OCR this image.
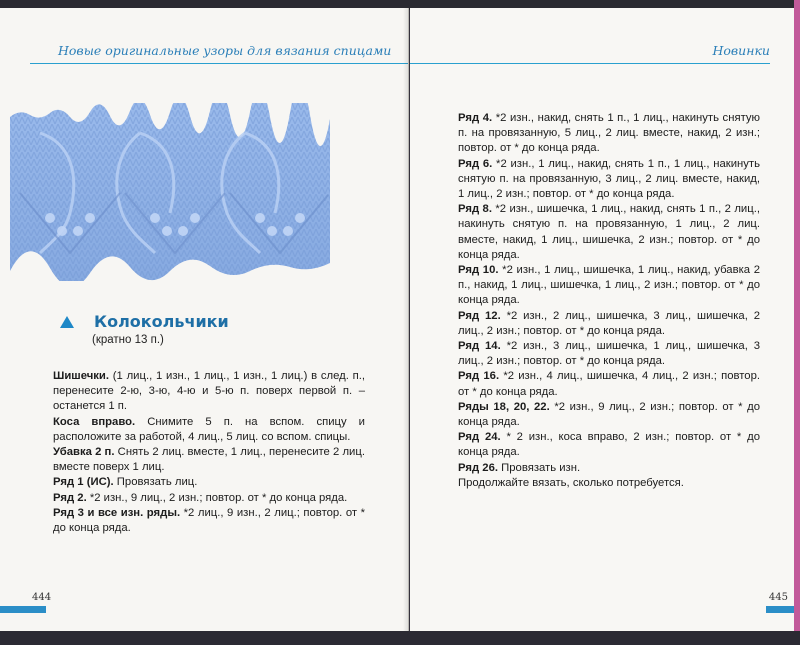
Новые оригинальные узоры для вязания спицами
Колокольчики
(кратно 13 п.)

Шишечки. (1 лиц., 1 изн., 1 лиц., 1 изн., 1 лиц.) в след. п., перенесите 2-ю, 3-ю, 4-ю и 5-ю п. поверх первой п. – останется 1 п.

Коса вправо. Снимите 5 п. на вспом. спицу и расположите за работой, 4 лиц., 5 лиц. со вспом. спицы.

Убавка 2 п. Снять 2 лиц. вместе, 1 лиц., перенесите 2 лиц. вместе поверх 1 лиц.

Ряд 1 (ИС). Провязать лиц.

Ряд 2. *2 изн., 9 лиц., 2 изн.; повтор. от * до конца ряда.

Ряд 3 и все изн. ряды. *2 лиц., 9 изн., 2 лиц.; повтор. от * до конца ряда.

444
Новинки

Ряд 4. *2 изн., накид, снять 1 п., 1 лиц., накинуть снятую п. на провязанную, 5 лиц., 2 лиц. вместе, накид, 2 изн.; повтор. от * до конца ряда.

Ряд 6. *2 изн., 1 лиц., накид, снять 1 п., 1 лиц., накинуть снятую п. на провязанную, 3 лиц., 2 лиц. вместе, накид, 1 лиц., 2 изн.; повтор. от * до конца ряда.

Ряд 8. *2 изн., шишечка, 1 лиц., накид, снять 1 п., 2 лиц., накинуть снятую п. на провязанную, 1 лиц., 2 лиц. вместе, накид, 1 лиц., шишечка, 2 изн.; повтор. от * до конца ряда.

Ряд 10. *2 изн., 1 лиц., шишечка, 1 лиц., накид, убавка 2 п., накид, 1 лиц., шишечка, 1 лиц., 2 изн.; повтор. от * до конца ряда.

Ряд 12. *2 изн., 2 лиц., шишечка, 3 лиц., шишечка, 2 лиц., 2 изн.; повтор. от * до конца ряда.

Ряд 14. *2 изн., 3 лиц., шишечка, 1 лиц., шишечка, 3 лиц., 2 изн.; повтор. от * до конца ряда.

Ряд 16. *2 изн., 4 лиц., шишечка, 4 лиц., 2 изн.; повтор. от * до конца ряда.

Ряды 18, 20, 22. *2 изн., 9 лиц., 2 изн.; повтор. от * до конца ряда.

Ряд 24. * 2 изн., коса вправо, 2 изн.; повтор. от * до конца ряда.

Ряд 26. Провязать изн.

Продолжайте вязать, сколько потребуется.

445
